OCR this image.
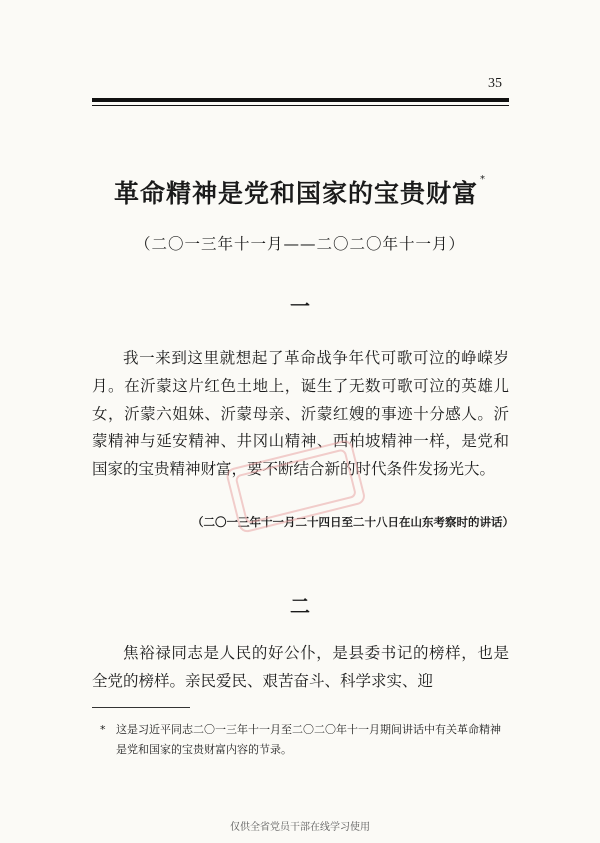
35
革命精神是党和国家的宝贵财富 *
（二〇一三年十一月——二〇二〇年十一月）
一

我一来到这里就想起了革命战争年代可歌可泣的峥嵘岁月。在沂蒙这片红色土地上，诞生了无数可歌可泣的英雄儿女，沂蒙六姐妹、沂蒙母亲、沂蒙红嫂的事迹十分感人。沂蒙精神与延安精神、井冈山精神、西柏坡精神一样，是党和国家的宝贵精神财富，要不断结合新的时代条件发扬光大。

（二〇一三年十一月二十四日至二十八日在山东考察时的讲话）
二

焦裕禄同志是人民的好公仆，是县委书记的榜样，也是全党的榜样。亲民爱民、艰苦奋斗、科学求实、迎

* 这是习近平同志二〇一三年十一月至二〇二〇年十一月期间讲话中有关革命精神是党和国家的宝贵财富内容的节录。
仅供全省党员干部在线学习使用
